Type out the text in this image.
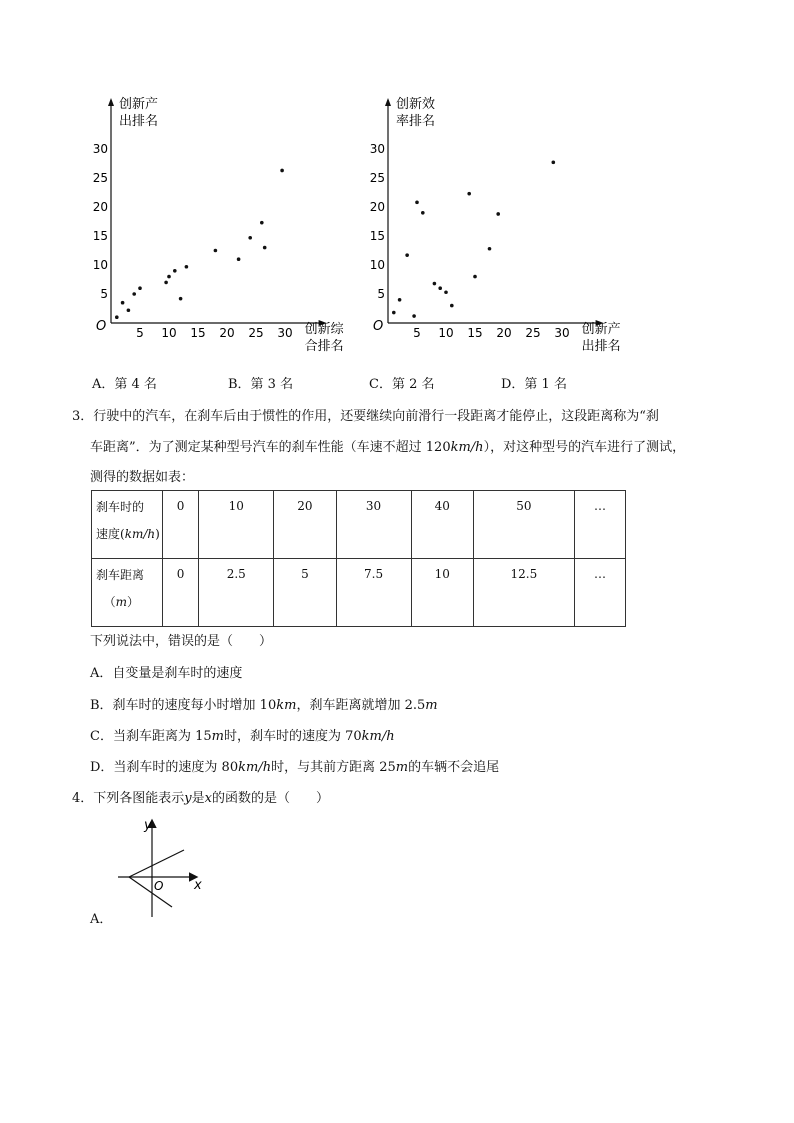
创新产
出排名
创新综
合排名
O 5 10 15 20 25 30
5
10
15
20
25
30
创新效
率排名
创新产
出排名
O 5 10 15 20 25 30
5
10
15
20
25
30
A．第 4 名	B．第 3 名	C．第 2 名	D．第 1 名
3．行驶中的汽车，在刹车后由于惯性的作用，还要继续向前滑行一段距离才能停止，这段距离称为“刹
车距离”．为了测定某种型号汽车的刹车性能（车速不超过 120km/h），对这种型号的汽车进行了测试，
测得的数据如表：
刹车时的
速度(km/h)	0	10	20	30	40	50	…
刹车距离
（m）	0	2.5	5	7.5	10	12.5	…
下列说法中，错误的是（　　）
A．自变量是刹车时的速度
B．刹车时的速度每小时增加 10km，刹车距离就增加 2.5m
C．当刹车距离为 15m时，刹车时的速度为 70km/h
D．当刹车时的速度为 80km/h时，与其前方距离 25m的车辆不会追尾
4．下列各图能表示y是x的函数的是（　　）
y
x
O
A．
